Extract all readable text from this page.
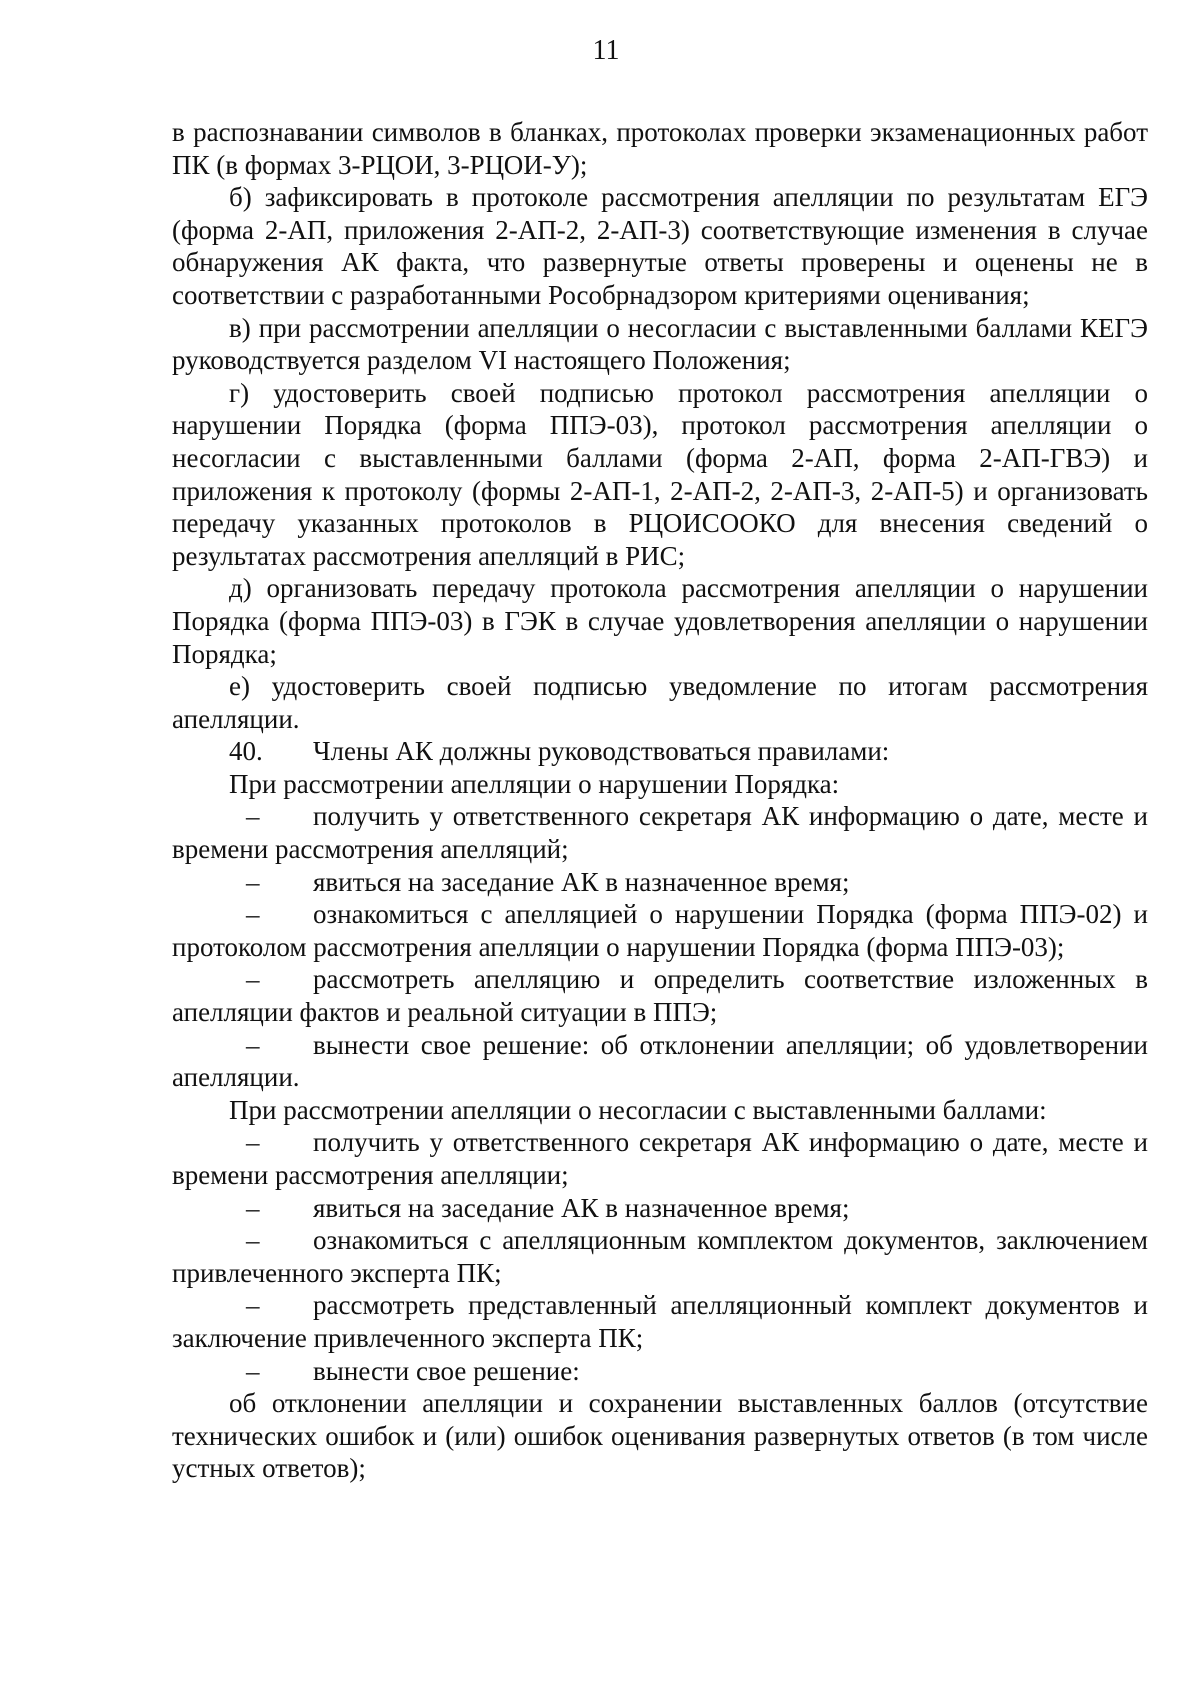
11

в распознавании символов в бланках, протоколах проверки экзаменационных работ ПК (в формах 3-РЦОИ, 3-РЦОИ-У);

б) зафиксировать в протоколе рассмотрения апелляции по результатам ЕГЭ (форма 2-АП, приложения 2-АП-2, 2-АП-3) соответствующие изменения в случае обнаружения АК факта, что развернутые ответы проверены и оценены не в соответствии с разработанными Рособрнадзором критериями оценивания;

в) при рассмотрении апелляции о несогласии с выставленными баллами КЕГЭ руководствуется разделом VI настоящего Положения;

г) удостоверить своей подписью протокол рассмотрения апелляции о нарушении Порядка (форма ППЭ-03), протокол рассмотрения апелляции о несогласии с выставленными баллами (форма 2-АП, форма 2-АП-ГВЭ) и приложения к протоколу (формы 2-АП-1, 2-АП-2, 2-АП-3, 2-АП-5) и организовать передачу указанных протоколов в РЦОИСООКО для внесения сведений о результатах рассмотрения апелляций в РИС;

д) организовать передачу протокола рассмотрения апелляции о нарушении Порядка (форма ППЭ-03) в ГЭК в случае удовлетворения апелляции о нарушении Порядка;

е) удостоверить своей подписью уведомление по итогам рассмотрения апелляции.

40. Члены АК должны руководствоваться правилами:

При рассмотрении апелляции о нарушении Порядка:

– получить у ответственного секретаря АК информацию о дате, месте и времени рассмотрения апелляций;

– явиться на заседание АК в назначенное время;

– ознакомиться с апелляцией о нарушении Порядка (форма ППЭ-02) и протоколом рассмотрения апелляции о нарушении Порядка (форма ППЭ-03);

– рассмотреть апелляцию и определить соответствие изложенных в апелляции фактов и реальной ситуации в ППЭ;

– вынести свое решение: об отклонении апелляции; об удовлетворении апелляции.

При рассмотрении апелляции о несогласии с выставленными баллами:

– получить у ответственного секретаря АК информацию о дате, месте и времени рассмотрения апелляции;

– явиться на заседание АК в назначенное время;

– ознакомиться с апелляционным комплектом документов, заключением привлеченного эксперта ПК;

– рассмотреть представленный апелляционный комплект документов и заключение привлеченного эксперта ПК;

– вынести свое решение:

об отклонении апелляции и сохранении выставленных баллов (отсутствие технических ошибок и (или) ошибок оценивания развернутых ответов (в том числе устных ответов);
